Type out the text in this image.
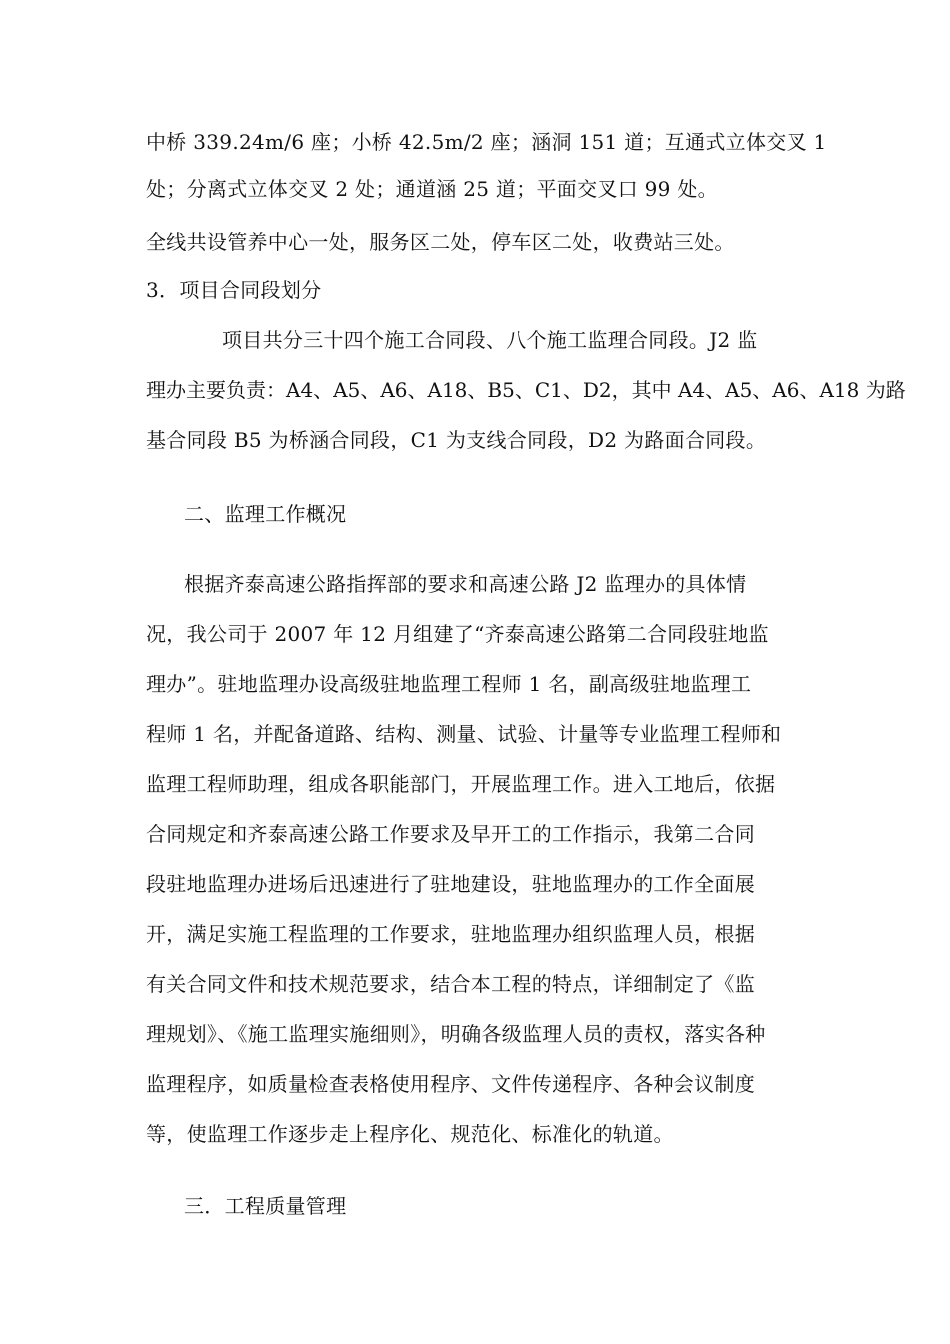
中桥 339.24m/6 座；小桥 42.5m/2 座；涵洞 151 道；互通式立体交叉 1
处；分离式立体交叉 2 处；通道涵 25 道；平面交叉口 99 处。
全线共设管养中心一处，服务区二处，停车区二处，收费站三处。
3．项目合同段划分
项目共分三十四个施工合同段、八个施工监理合同段。J2 监
理办主要负责：A4、A5、A6、A18、B5、C1、D2，其中 A4、A5、A6、A18 为路
基合同段 B5 为桥涵合同段，C1 为支线合同段，D2 为路面合同段。
二、监理工作概况
根据齐泰高速公路指挥部的要求和高速公路 J2 监理办的具体情
况，我公司于 2007 年 12 月组建了“齐泰高速公路第二合同段驻地监
理办”。驻地监理办设高级驻地监理工程师 1 名，副高级驻地监理工
程师 1 名，并配备道路、结构、测量、试验、计量等专业监理工程师和
监理工程师助理，组成各职能部门，开展监理工作。进入工地后，依据
合同规定和齐泰高速公路工作要求及早开工的工作指示，我第二合同
段驻地监理办进场后迅速进行了驻地建设，驻地监理办的工作全面展
开，满足实施工程监理的工作要求，驻地监理办组织监理人员，根据
有关合同文件和技术规范要求，结合本工程的特点，详细制定了《监
理规划》、《施工监理实施细则》，明确各级监理人员的责权，落实各种
监理程序，如质量检查表格使用程序、文件传递程序、各种会议制度
等，使监理工作逐步走上程序化、规范化、标准化的轨道。
三．工程质量管理
